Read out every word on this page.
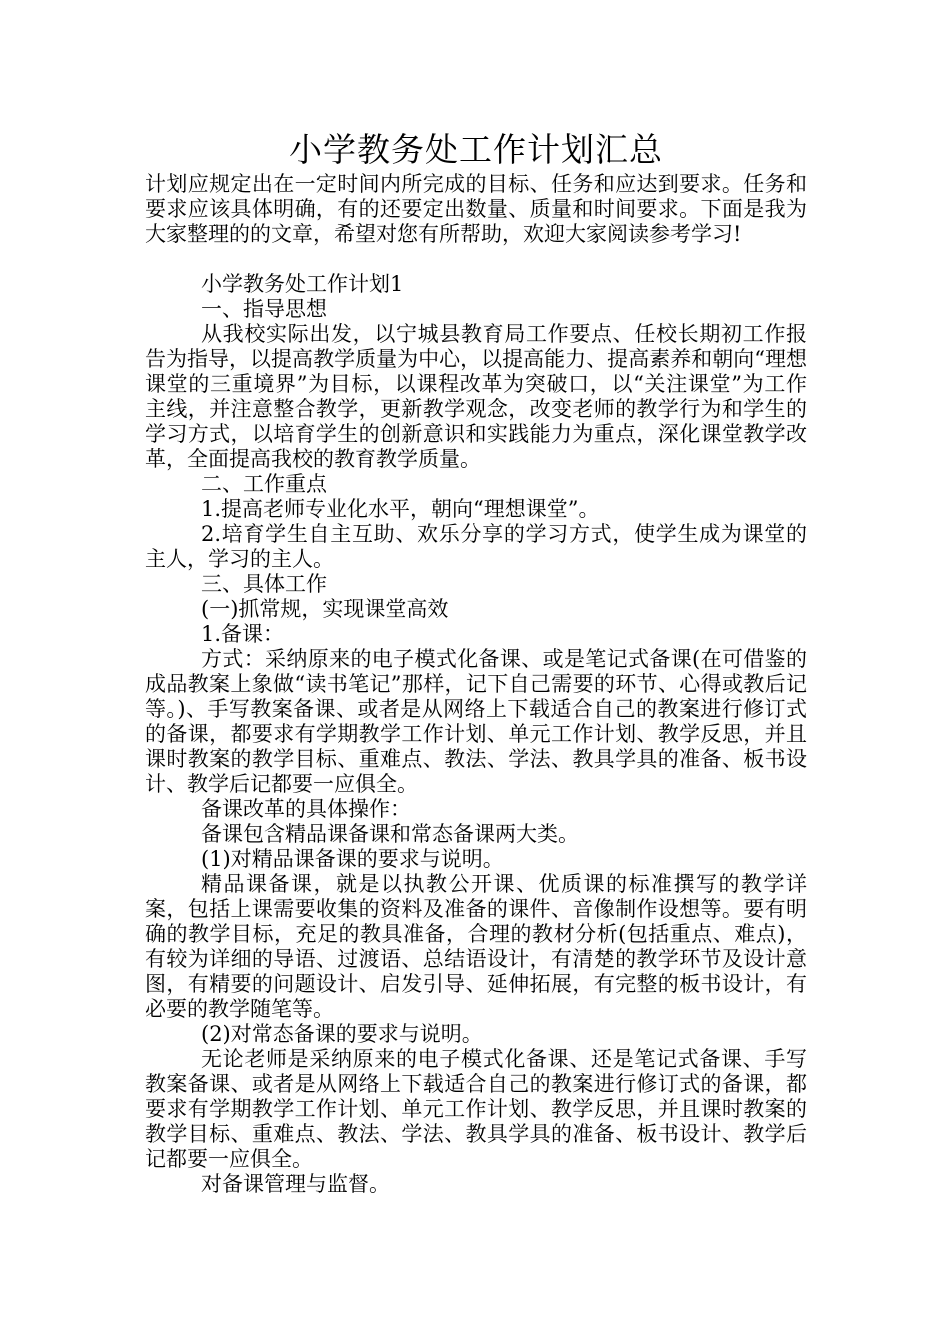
小学教务处工作计划汇总

计划应规定出在一定时间内所完成的目标、任务和应达到要求。任务和要求应该具体明确，有的还要定出数量、质量和时间要求。下面是我为大家整理的的文章，希望对您有所帮助，欢迎大家阅读参考学习!

小学教务处工作计划1

一、指导思想

从我校实际出发，以宁城县教育局工作要点、任校长期初工作报告为指导，以提高教学质量为中心，以提高能力、提高素养和朝向“理想课堂的三重境界”为目标，以课程改革为突破口，以“关注课堂”为工作主线，并注意整合教学，更新教学观念，改变老师的教学行为和学生的学习方式，以培育学生的创新意识和实践能力为重点，深化课堂教学改革，全面提高我校的教育教学质量。

二、工作重点

1.提高老师专业化水平，朝向“理想课堂”。

2.培育学生自主互助、欢乐分享的学习方式，使学生成为课堂的主人，学习的主人。

三、具体工作

(一)抓常规，实现课堂高效

1.备课：

方式：采纳原来的电子模式化备课、或是笔记式备课(在可借鉴的成品教案上象做“读书笔记”那样，记下自己需要的环节、心得或教后记等。)、手写教案备课、或者是从网络上下载适合自己的教案进行修订式的备课，都要求有学期教学工作计划、单元工作计划、教学反思，并且课时教案的教学目标、重难点、教法、学法、教具学具的准备、板书设计、教学后记都要一应俱全。

备课改革的具体操作：

备课包含精品课备课和常态备课两大类。

(1)对精品课备课的要求与说明。

精品课备课，就是以执教公开课、优质课的标准撰写的教学详案，包括上课需要收集的资料及准备的课件、音像制作设想等。要有明确的教学目标，充足的教具准备，合理的教材分析(包括重点、难点)，有较为详细的导语、过渡语、总结语设计，有清楚的教学环节及设计意图，有精要的问题设计、启发引导、延伸拓展，有完整的板书设计，有必要的教学随笔等。

(2)对常态备课的要求与说明。

无论老师是采纳原来的电子模式化备课、还是笔记式备课、手写教案备课、或者是从网络上下载适合自己的教案进行修订式的备课，都要求有学期教学工作计划、单元工作计划、教学反思，并且课时教案的教学目标、重难点、教法、学法、教具学具的准备、板书设计、教学后记都要一应俱全。

对备课管理与监督。
